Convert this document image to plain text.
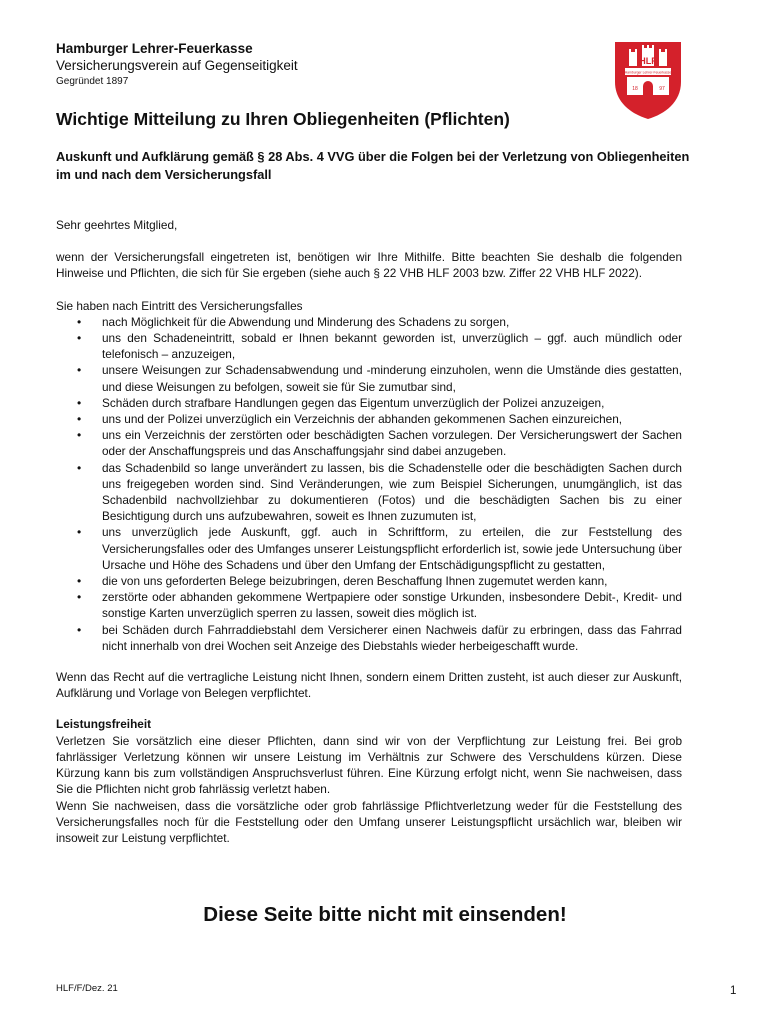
Hamburger Lehrer-Feuerkasse
Versicherungsverein auf Gegenseitigkeit
Gegründet 1897
HLF
Hamburger Lehrer-Feuerkasse
18	97
Wichtige Mitteilung zu Ihren Obliegenheiten (Pflichten)
Auskunft und Aufklärung gemäß § 28 Abs. 4 VVG über die Folgen bei der Verletzung von Obliegenheiten im und nach dem Versicherungsfall
Sehr geehrtes Mitglied,
wenn der Versicherungsfall eingetreten ist, benötigen wir Ihre Mithilfe. Bitte beachten Sie deshalb die folgenden Hinweise und Pflichten, die sich für Sie ergeben (siehe auch § 22 VHB HLF 2003 bzw. Ziffer 22 VHB HLF 2022).
Sie haben nach Eintritt des Versicherungsfalles
• nach Möglichkeit für die Abwendung und Minderung des Schadens zu sorgen,
• uns den Schadeneintritt, sobald er Ihnen bekannt geworden ist, unverzüglich – ggf. auch mündlich oder telefonisch – anzuzeigen,
• unsere Weisungen zur Schadensabwendung und -minderung einzuholen, wenn die Umstände dies gestatten, und diese Weisungen zu befolgen, soweit sie für Sie zumutbar sind,
• Schäden durch strafbare Handlungen gegen das Eigentum unverzüglich der Polizei anzuzeigen,
• uns und der Polizei unverzüglich ein Verzeichnis der abhanden gekommenen Sachen einzureichen,
• uns ein Verzeichnis der zerstörten oder beschädigten Sachen vorzulegen. Der Versicherungswert der Sachen oder der Anschaffungspreis und das Anschaffungsjahr sind dabei anzugeben.
• das Schadenbild so lange unverändert zu lassen, bis die Schadenstelle oder die beschädigten Sachen durch uns freigegeben worden sind. Sind Veränderungen, wie zum Beispiel Sicherungen, unumgänglich, ist das Schadenbild nachvollziehbar zu dokumentieren (Fotos) und die beschädigten Sachen bis zu einer Besichtigung durch uns aufzubewahren, soweit es Ihnen zuzumuten ist,
• uns unverzüglich jede Auskunft, ggf. auch in Schriftform, zu erteilen, die zur Feststellung des Versicherungsfalles oder des Umfanges unserer Leistungspflicht erforderlich ist, sowie jede Untersuchung über Ursache und Höhe des Schadens und über den Umfang der Entschädigungspflicht zu gestatten,
• die von uns geforderten Belege beizubringen, deren Beschaffung Ihnen zugemutet werden kann,
• zerstörte oder abhanden gekommene Wertpapiere oder sonstige Urkunden, insbesondere Debit-, Kredit- und sonstige Karten unverzüglich sperren zu lassen, soweit dies möglich ist.
• bei Schäden durch Fahrraddiebstahl dem Versicherer einen Nachweis dafür zu erbringen, dass das Fahrrad nicht innerhalb von drei Wochen seit Anzeige des Diebstahls wieder herbeigeschafft wurde.
Wenn das Recht auf die vertragliche Leistung nicht Ihnen, sondern einem Dritten zusteht, ist auch dieser zur Auskunft, Aufklärung und Vorlage von Belegen verpflichtet.
Leistungsfreiheit
Verletzen Sie vorsätzlich eine dieser Pflichten, dann sind wir von der Verpflichtung zur Leistung frei. Bei grob fahrlässiger Verletzung können wir unsere Leistung im Verhältnis zur Schwere des Verschuldens kürzen. Diese Kürzung kann bis zum vollständigen Anspruchsverlust führen. Eine Kürzung erfolgt nicht, wenn Sie nachweisen, dass Sie die Pflichten nicht grob fahrlässig verletzt haben.
Wenn Sie nachweisen, dass die vorsätzliche oder grob fahrlässige Pflichtverletzung weder für die Feststellung des Versicherungsfalles noch für die Feststellung oder den Umfang unserer Leistungspflicht ursächlich war, bleiben wir insoweit zur Leistung verpflichtet.
Diese Seite bitte nicht mit einsenden!
HLF/F/Dez. 21	1
